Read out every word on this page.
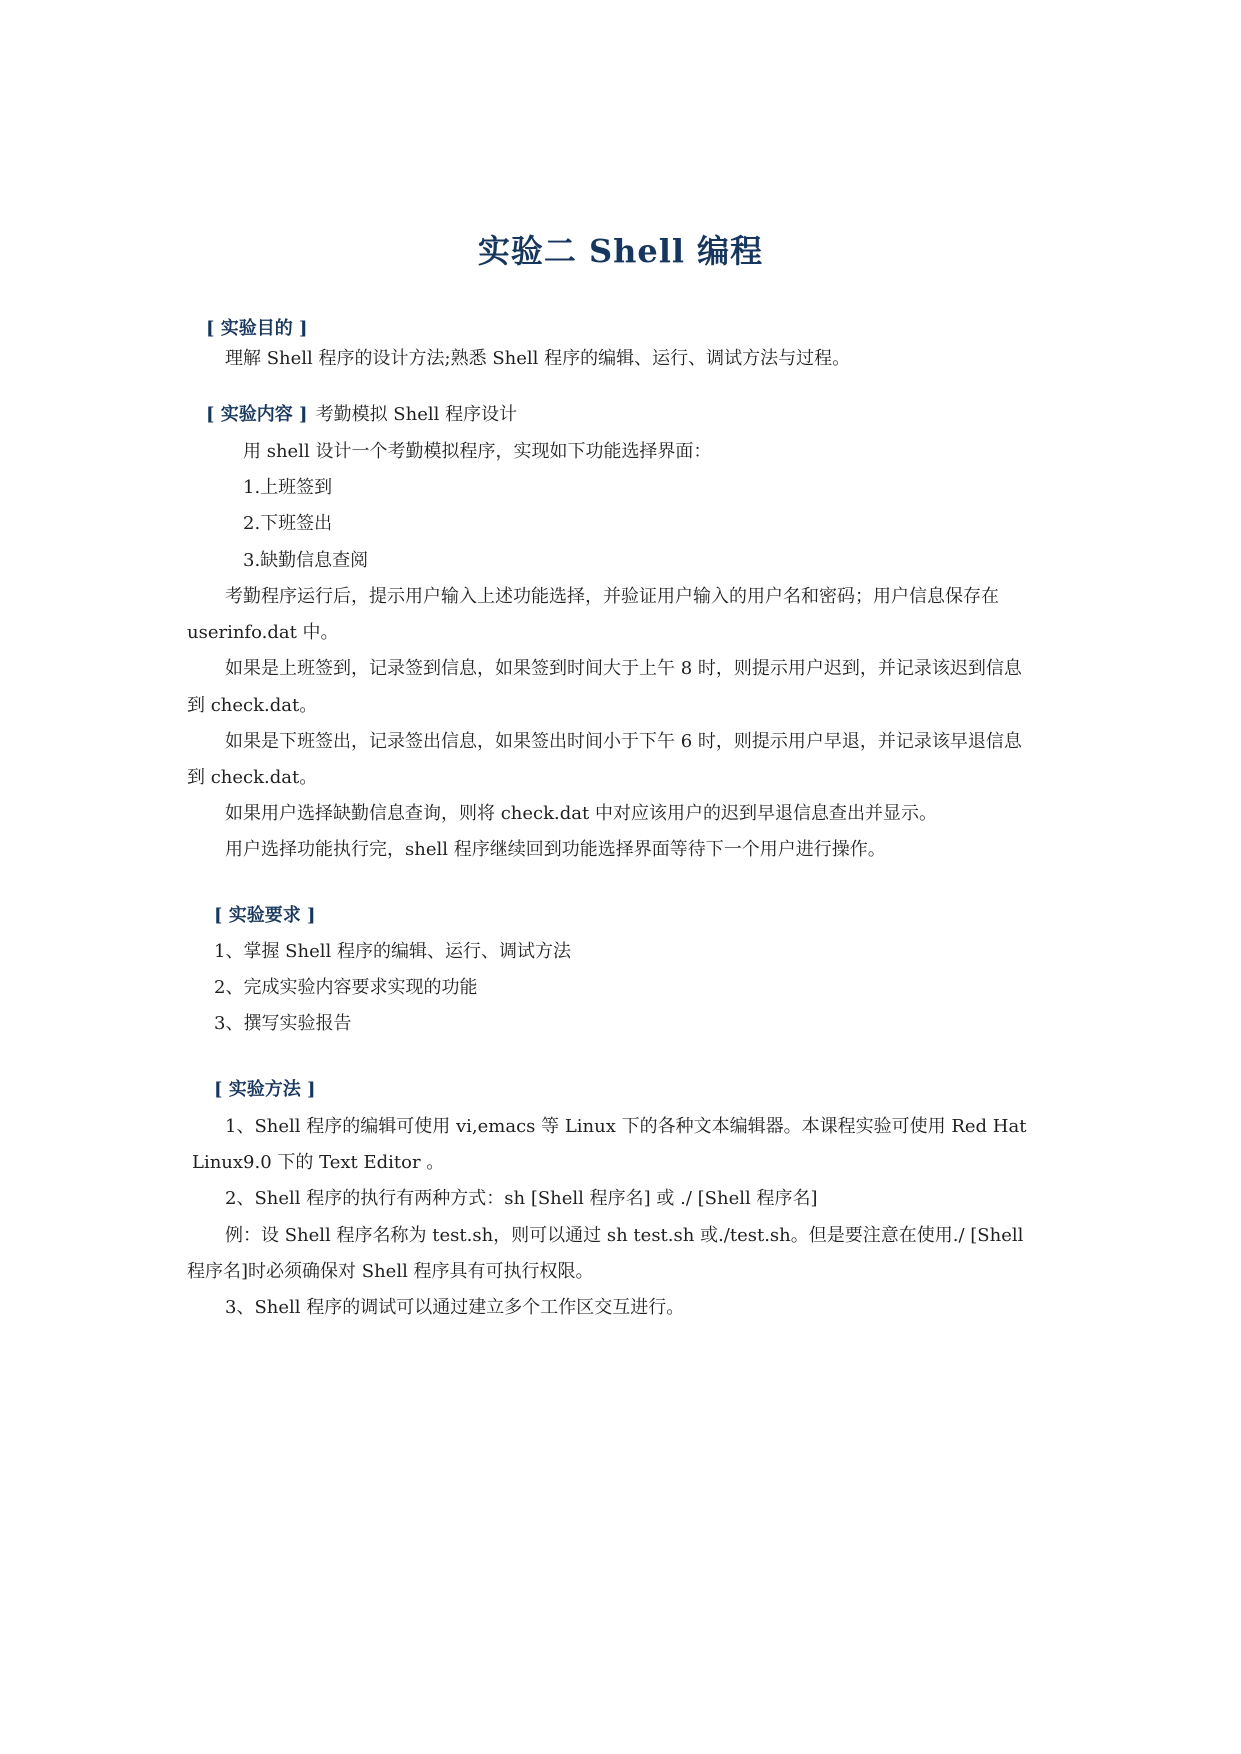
实验二 Shell 编程
[ 实验目的 ]
理解 Shell 程序的设计方法;熟悉 Shell 程序的编辑、运行、调试方法与过程。
[ 实验内容 ] 考勤模拟 Shell 程序设计
用 shell 设计一个考勤模拟程序，实现如下功能选择界面：
1.上班签到
2.下班签出
3.缺勤信息查阅
考勤程序运行后，提示用户输入上述功能选择，并验证用户输入的用户名和密码；用户信息保存在
userinfo.dat 中。
如果是上班签到，记录签到信息，如果签到时间大于上午 8 时，则提示用户迟到，并记录该迟到信息
到 check.dat。
如果是下班签出，记录签出信息，如果签出时间小于下午 6 时，则提示用户早退，并记录该早退信息
到 check.dat。
如果用户选择缺勤信息查询，则将 check.dat 中对应该用户的迟到早退信息查出并显示。
用户选择功能执行完，shell 程序继续回到功能选择界面等待下一个用户进行操作。
[ 实验要求 ]
1、掌握 Shell 程序的编辑、运行、调试方法
2、完成实验内容要求实现的功能
3、撰写实验报告
[ 实验方法 ]
1、Shell 程序的编辑可使用 vi,emacs 等 Linux 下的各种文本编辑器。本课程实验可使用 Red Hat
Linux9.0 下的 Text Editor 。
2、Shell 程序的执行有两种方式：sh [Shell 程序名] 或 ./ [Shell 程序名]
例：设 Shell 程序名称为 test.sh，则可以通过 sh test.sh 或./test.sh。但是要注意在使用./ [Shell
程序名]时必须确保对 Shell 程序具有可执行权限。
3、Shell 程序的调试可以通过建立多个工作区交互进行。
